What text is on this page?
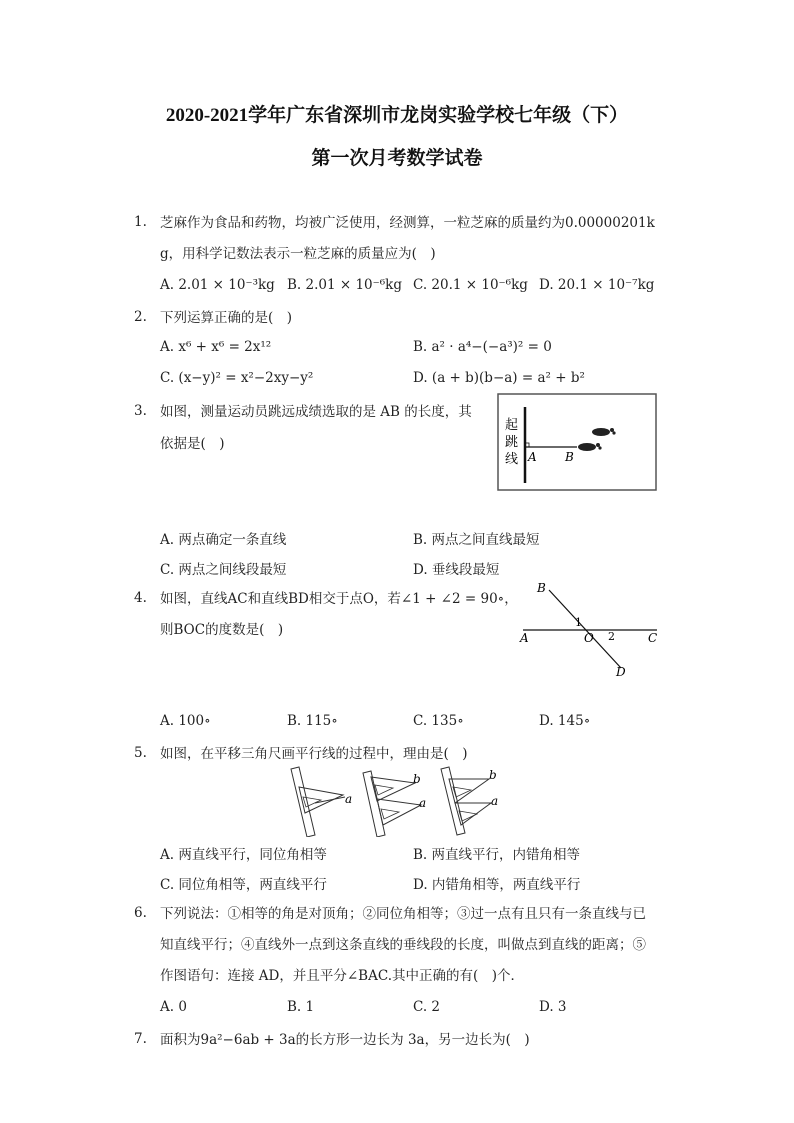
2020-2021学年广东省深圳市龙岗实验学校七年级（下）
第一次月考数学试卷
1. 芝麻作为食品和药物，均被广泛使用，经测算，一粒芝麻的质量约为0.00000201k
g，用科学记数法表示一粒芝麻的质量应为(　)
A. 2.01 × 10⁻³kg B. 2.01 × 10⁻⁶kg C. 20.1 × 10⁻⁶kg D. 20.1 × 10⁻⁷kg
2. 下列运算正确的是(　)
A. x⁶ + x⁶ = 2x¹²	B. a² · a⁴−(−a³)² = 0
C. (x−y)² = x²−2xy−y²	D. (a + b)(b−a) = a² + b²
3. 如图，测量运动员跳远成绩选取的是 AB 的长度，其
依据是(　)
起
跳
线 A B
A. 两点确定一条直线	B. 两点之间直线最短
C. 两点之间线段最短	D. 垂线段最短
4. 如图，直线AC和直线BD相交于点O，若∠1 + ∠2 = 90∘，
则BOC的度数是(　)
B
A	C
D
O
1
2
A. 100∘	B. 115∘	C. 135∘	D. 145∘
5. 如图，在平移三角尺画平行线的过程中，理由是(　)
a
b
a
b
a
A. 两直线平行，同位角相等	B. 两直线平行，内错角相等
C. 同位角相等，两直线平行	D. 内错角相等，两直线平行
6. 下列说法：①相等的角是对顶角；②同位角相等；③过一点有且只有一条直线与已
知直线平行；④直线外一点到这条直线的垂线段的长度，叫做点到直线的距离；⑤
作图语句：连接 AD，并且平分∠BAC.其中正确的有(　)个．
A. 0	B. 1	C. 2	D. 3
7. 面积为9a²−6ab + 3a的长方形一边长为 3a，另一边长为(　)
